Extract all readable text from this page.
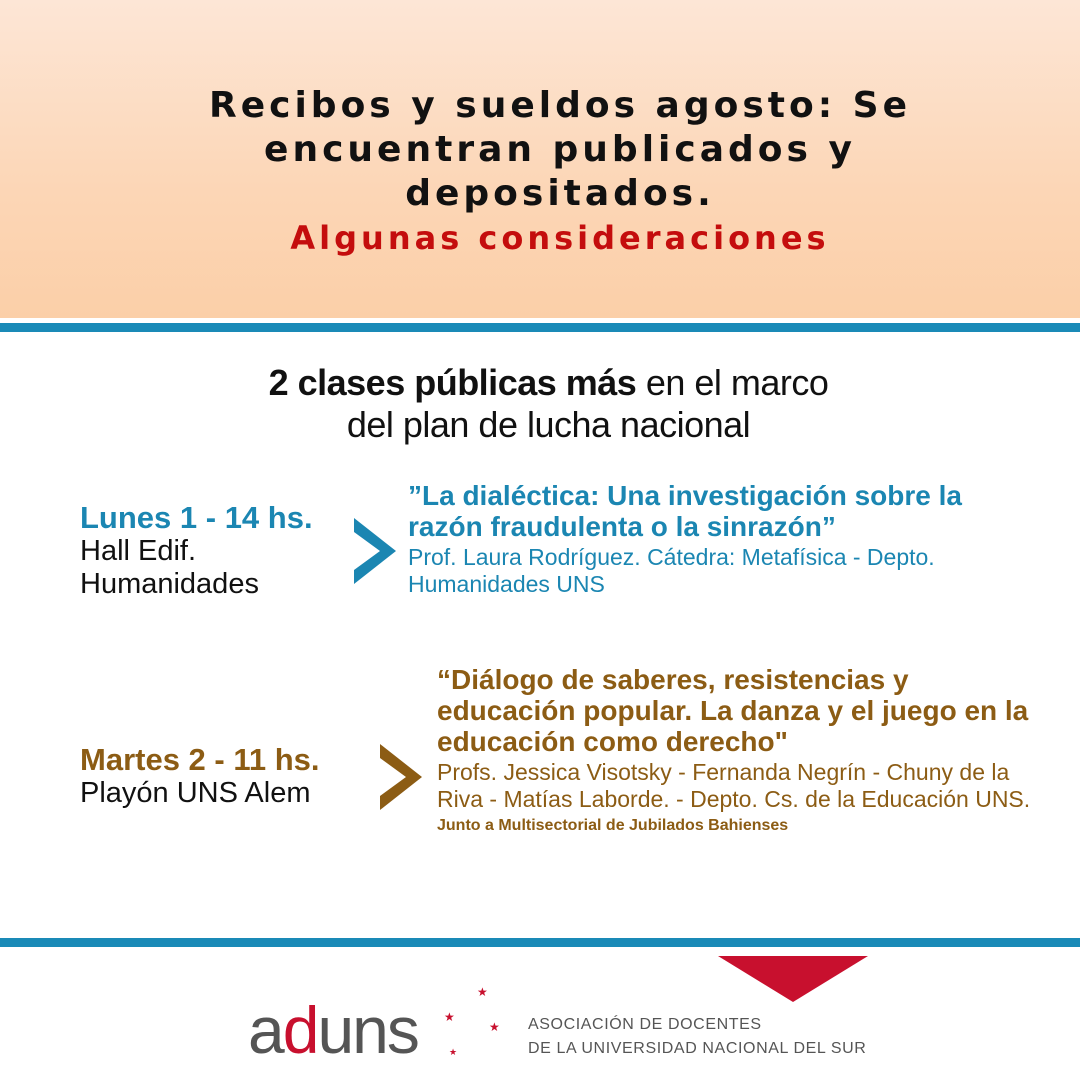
Recibos y sueldos agosto: Se
encuentran publicados y
depositados.
Algunas consideraciones
2 clases públicas más en el marco
del plan de lucha nacional
Lunes 1 - 14 hs.
Hall Edif.
Humanidades
”La dialéctica: Una investigación sobre la razón fraudulenta o la sinrazón”
Prof. Laura Rodríguez. Cátedra: Metafísica - Depto. Humanidades UNS
Martes 2 - 11 hs.
Playón UNS Alem
“Diálogo de saberes, resistencias y educación popular. La danza y el juego en la educación como derecho"
Profs. Jessica Visotsky - Fernanda Negrín - Chuny de la Riva - Matías Laborde. - Depto. Cs. de la Educación UNS.
Junto a Multisectorial de Jubilados Bahienses
aduns ★
★
★
★
ASOCIACIÓN DE DOCENTES
DE LA UNIVERSIDAD NACIONAL DEL SUR
